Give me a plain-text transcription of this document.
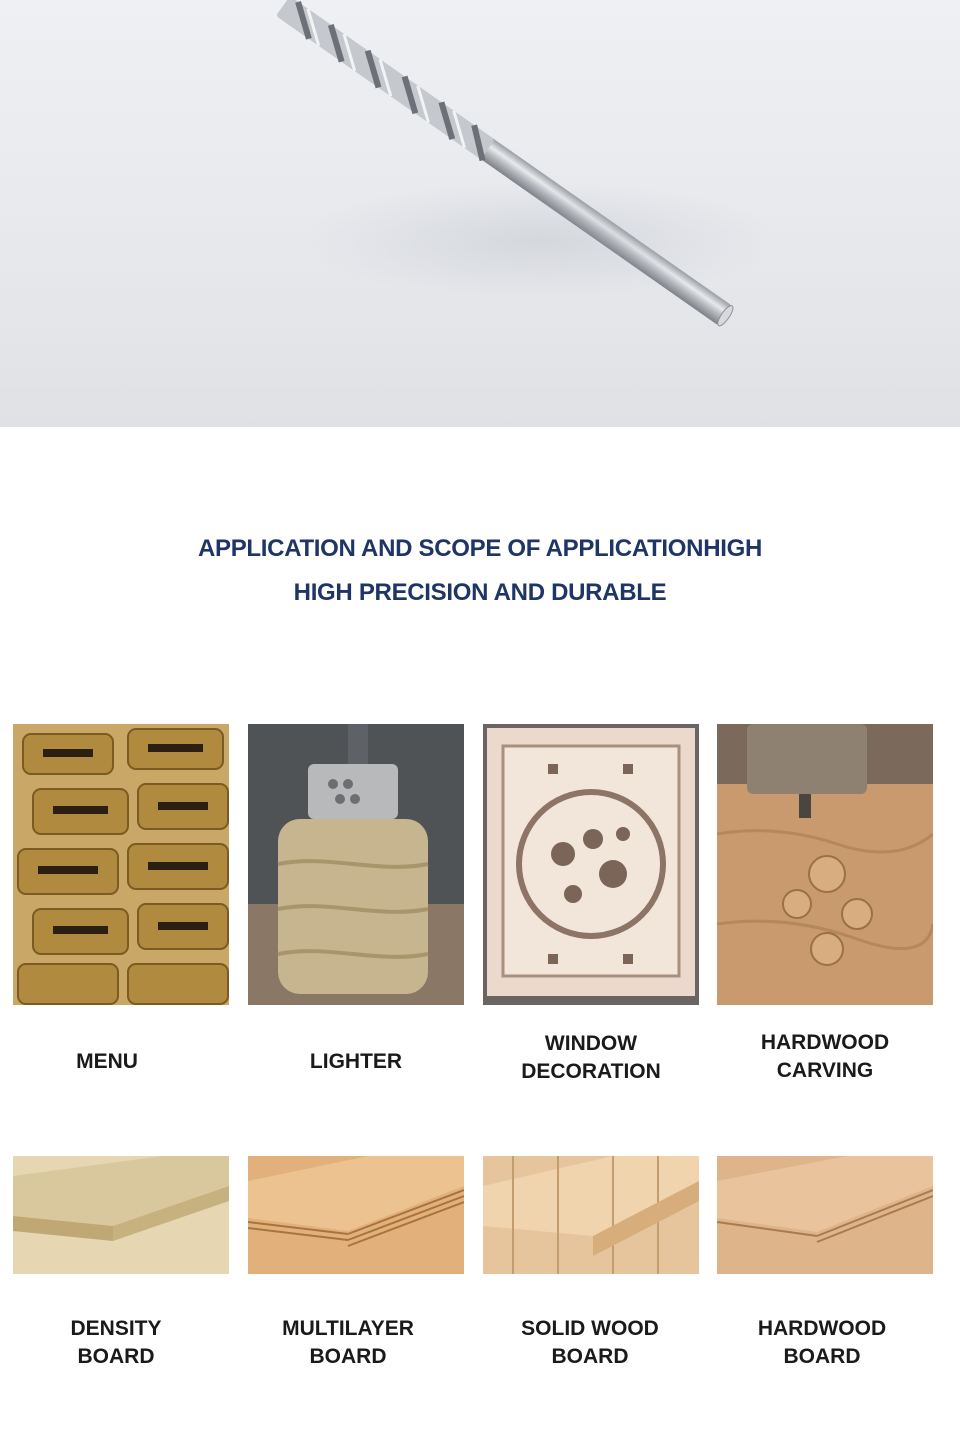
APPLICATION AND SCOPE OF APPLICATIONHIGH
HIGH PRECISION AND DURABLE
MENU	LIGHTER
WINDOW
DECORATION
HARDWOOD
CARVING
DENSITY
BOARD
MULTILAYER
BOARD
SOLID WOOD
BOARD
HARDWOOD
BOARD
